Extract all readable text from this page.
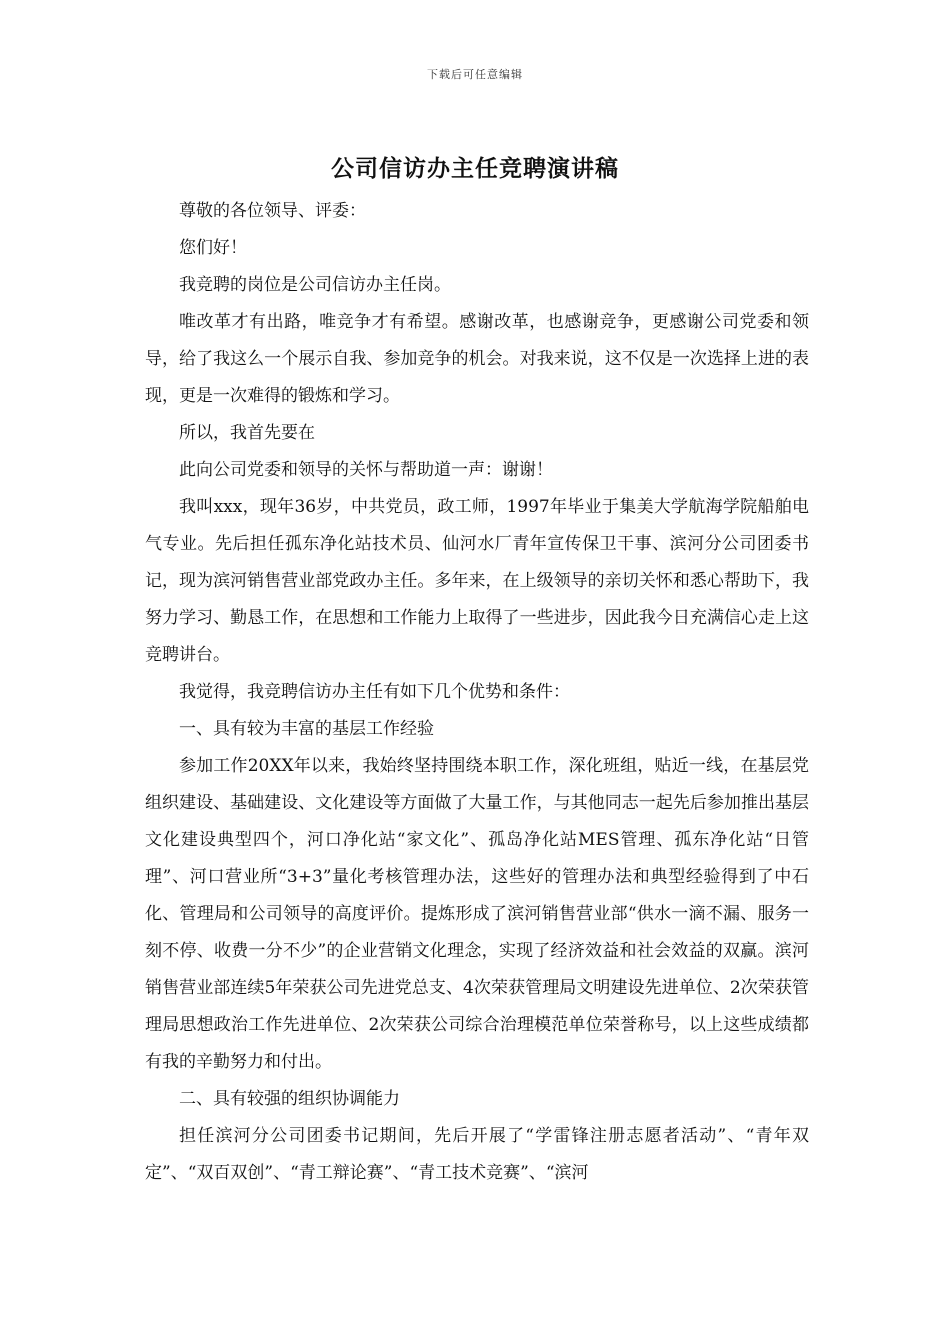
下载后可任意编辑
公司信访办主任竞聘演讲稿

尊敬的各位领导、评委：

您们好！

我竞聘的岗位是公司信访办主任岗。

唯改革才有出路，唯竞争才有希望。感谢改革，也感谢竞争，更感谢公司党委和领导，给了我这么一个展示自我、参加竞争的机会。对我来说，这不仅是一次选择上进的表现，更是一次难得的锻炼和学习。

所以，我首先要在

此向公司党委和领导的关怀与帮助道一声：谢谢！

我叫xxx，现年36岁，中共党员，政工师，1997年毕业于集美大学航海学院船舶电气专业。先后担任孤东净化站技术员、仙河水厂青年宣传保卫干事、滨河分公司团委书记，现为滨河销售营业部党政办主任。多年来，在上级领导的亲切关怀和悉心帮助下，我努力学习、勤恳工作，在思想和工作能力上取得了一些进步，因此我今日充满信心走上这竞聘讲台。

我觉得，我竞聘信访办主任有如下几个优势和条件：

一、具有较为丰富的基层工作经验

参加工作20XX年以来，我始终坚持围绕本职工作，深化班组，贴近一线，在基层党组织建设、基础建设、文化建设等方面做了大量工作，与其他同志一起先后参加推出基层文化建设典型四个，河口净化站“家文化”、孤岛净化站MES管理、孤东净化站“日管理”、河口营业所“3+3”量化考核管理办法，这些好的管理办法和典型经验得到了中石化、管理局和公司领导的高度评价。提炼形成了滨河销售营业部“供水一滴不漏、服务一刻不停、收费一分不少”的企业营销文化理念，实现了经济效益和社会效益的双赢。滨河销售营业部连续5年荣获公司先进党总支、4次荣获管理局文明建设先进单位、2次荣获管理局思想政治工作先进单位、2次荣获公司综合治理模范单位荣誉称号，以上这些成绩都有我的辛勤努力和付出。

二、具有较强的组织协调能力

担任滨河分公司团委书记期间，先后开展了“学雷锋注册志愿者活动”、“青年双定”、“双百双创”、“青工辩论赛”、“青工技术竞赛”、“滨河
